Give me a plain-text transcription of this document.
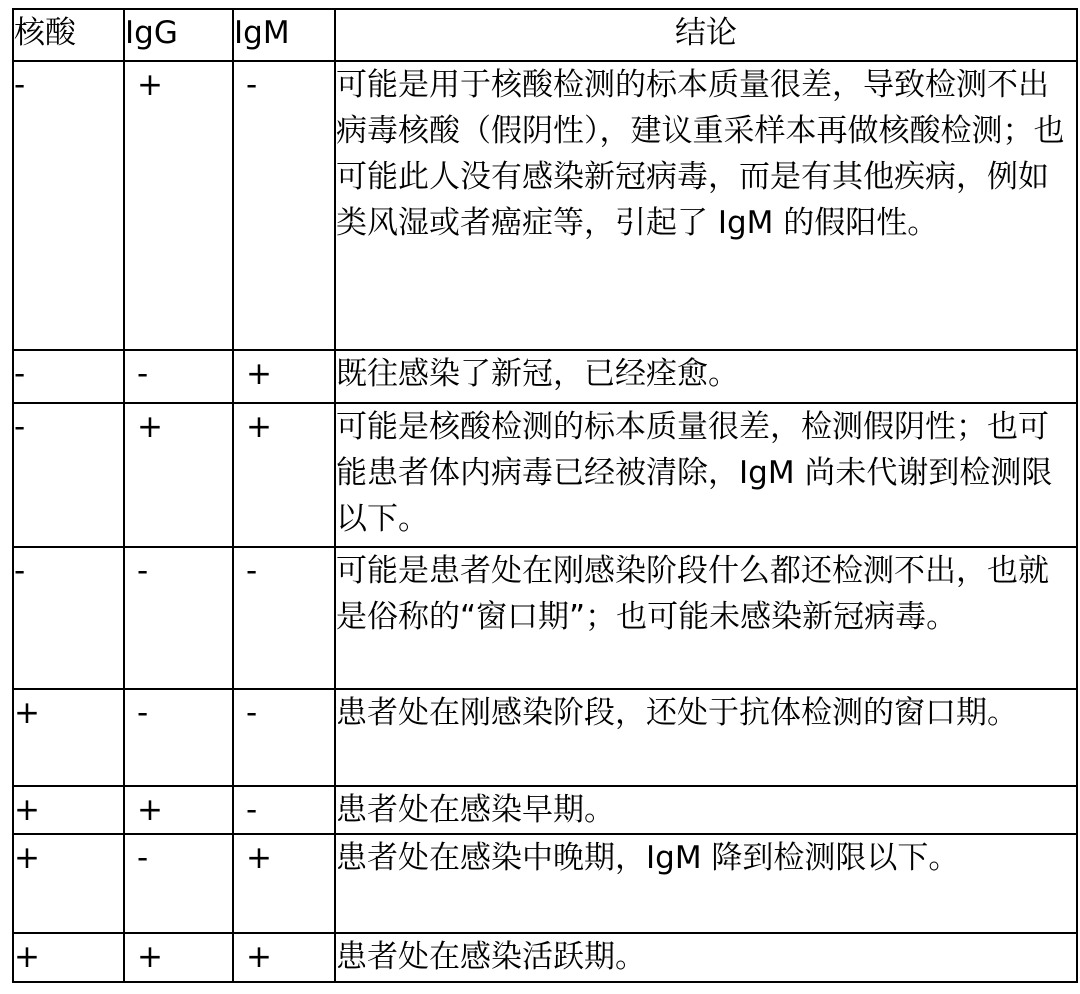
核酸	IgG	IgM	结论
-	+	-	可能是用于核酸检测的标本质量很差，导致检测不出病毒核酸（假阴性），建议重采样本再做核酸检测；也可能此人没有感染新冠病毒，而是有其他疾病，例如类风湿或者癌症等，引起了 IgM 的假阳性。
-	-	+	既往感染了新冠，已经痊愈。
-	+	+	可能是核酸检测的标本质量很差，检测假阴性；也可能患者体内病毒已经被清除，IgM 尚未代谢到检测限以下。
-	-	-	可能是患者处在刚感染阶段什么都还检测不出，也就是俗称的“窗口期”；也可能未感染新冠病毒。
+	-	-	患者处在刚感染阶段，还处于抗体检测的窗口期。
+	+	-	患者处在感染早期。
+	-	+	患者处在感染中晚期，IgM 降到检测限以下。
+	+	+	患者处在感染活跃期。
